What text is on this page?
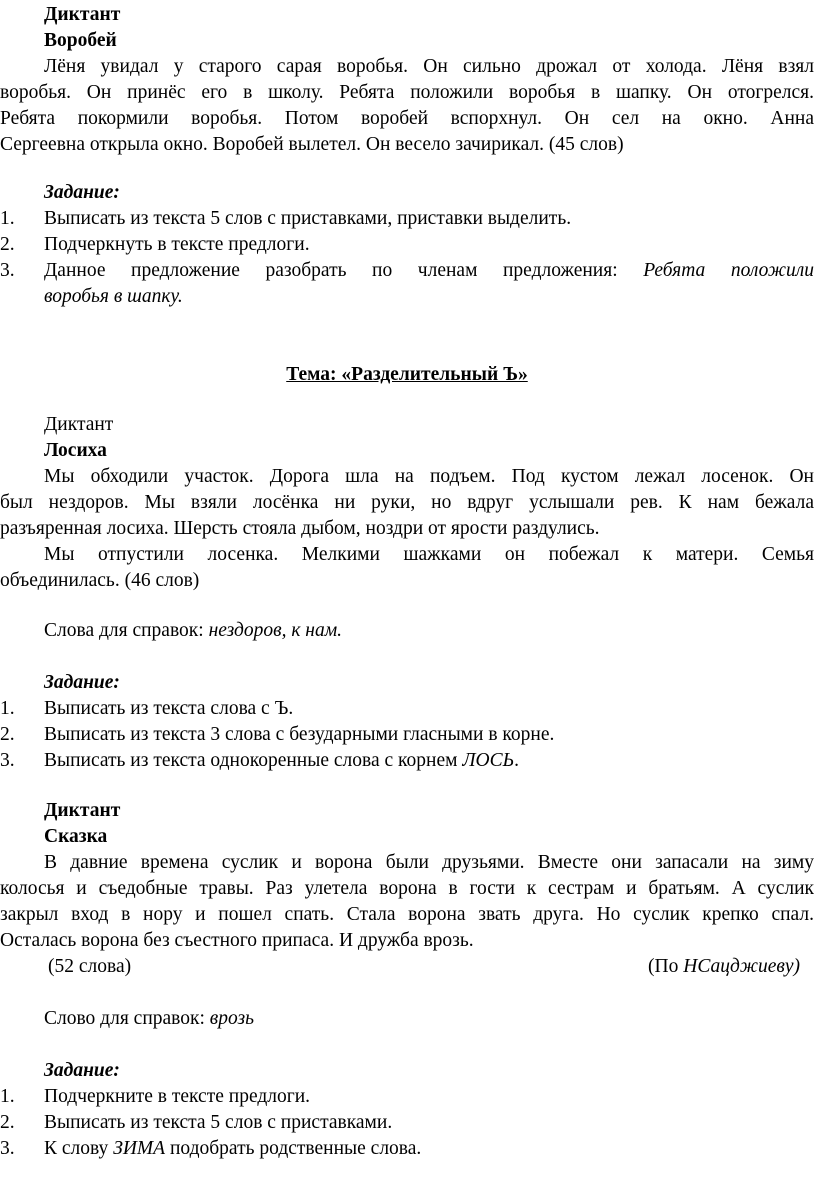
Диктант
Воробей
Лёня увидал у старого сарая воробья. Он сильно дрожал от холода. Лёня взял
воробья. Он принёс его в школу. Ребята положили воробья в шапку. Он отогрелся.
Ребята покормили воробья. Потом воробей вспорхнул. Он сел на окно. Анна
Сергеевна открыла окно. Воробей вылетел. Он весело зачирикал. (45 слов)
Задание:
1. Выписать из текста 5 слов с приставками, приставки выделить.
2. Подчеркнуть в тексте предлоги.
3. Данное предложение разобрать по членам предложения: Ребята положили
воробья в шапку.
Тема: «Разделительный Ъ»
Диктант
Лосиха
Мы обходили участок. Дорога шла на подъем. Под кустом лежал лосенок. Он
был нездоров. Мы взяли лосёнка ни руки, но вдруг услышали рев. К нам бежала
разъяренная лосиха. Шерсть стояла дыбом, ноздри от ярости раздулись.
Мы отпустили лосенка. Мелкими шажками он побежал к матери. Семья
объединилась. (46 слов)
Слова для справок: нездоров, к нам.
Задание:
1. Выписать из текста слова с Ъ.
2. Выписать из текста 3 слова с безударными гласными в корне.
3. Выписать из текста однокоренные слова с корнем ЛОСЬ.
Диктант
Сказка
В давние времена суслик и ворона были друзьями. Вместе они запасали на зиму
колосья и съедобные травы. Раз улетела ворона в гости к сестрам и братьям. А суслик
закрыл вход в нору и пошел спать. Стала ворона звать друга. Но суслик крепко спал.
Осталась ворона без съестного припаса. И дружба врозь.
(52 слова)	(По НСацджиеву)
Слово для справок: врозь
Задание:
1. Подчеркните в тексте предлоги.
2. Выписать из текста 5 слов с приставками.
3. К слову ЗИМА подобрать родственные слова.
